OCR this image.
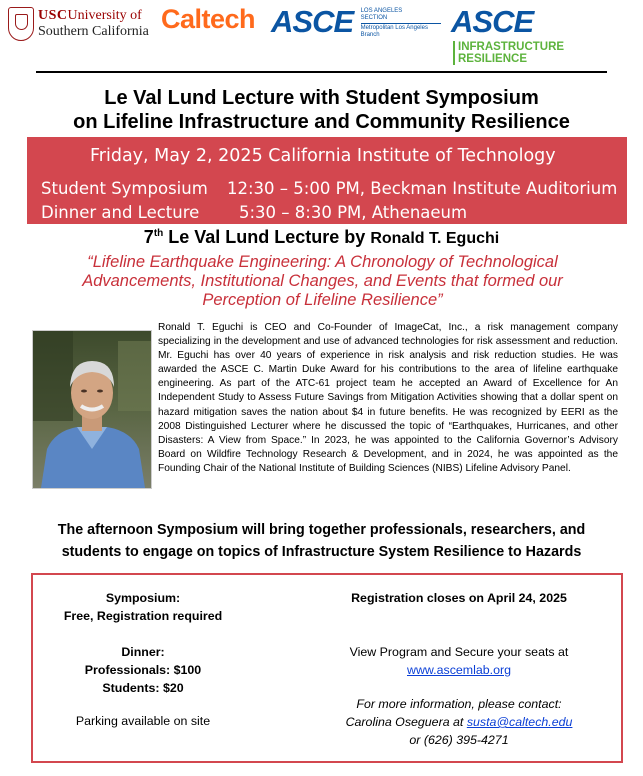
USCUniversity of
Southern California Caltech ASCE LOS ANGELES
SECTION
Metropolitan Los Angeles
Branch	ASCE
INFRASTRUCTURE
RESILIENCE
Le Val Lund Lecture with Student Symposium
on Lifeline Infrastructure and Community Resilience
Friday, May 2, 2025 California Institute of Technology
Student Symposium 12:30 – 5:00 PM, Beckman Institute Auditorium
Dinner and Lecture 5:30 – 8:30 PM, Athenaeum
7th Le Val Lund Lecture by Ronald T. Eguchi
“Lifeline Earthquake Engineering: A Chronology of Technological Advancements, Institutional Changes, and Events that formed our Perception of Lifeline Resilience”
Ronald T. Eguchi is CEO and Co-Founder of ImageCat, Inc., a risk management company specializing in the development and use of advanced technologies for risk assessment and reduction. Mr. Eguchi has over 40 years of experience in risk analysis and risk reduction studies. He was awarded the ASCE C. Martin Duke Award for his contributions to the area of lifeline earthquake engineering. As part of the ATC-61 project team he accepted an Award of Excellence for An Independent Study to Assess Future Savings from Mitigation Activities showing that a dollar spent on hazard mitigation saves the nation about $4 in future benefits. He was recognized by EERI as the 2008 Distinguished Lecturer where he discussed the topic of “Earthquakes, Hurricanes, and other Disasters: A View from Space.” In 2023, he was appointed to the California Governor’s Advisory Board on Wildfire Technology Research & Development, and in 2024, he was appointed as the Founding Chair of the National Institute of Building Sciences (NIBS) Lifeline Advisory Panel.
The afternoon Symposium will bring together professionals, researchers, and
students to engage on topics of Infrastructure System Resilience to Hazards
Symposium:
Free, Registration required
Dinner:
Professionals: $100
Students: $20
Parking available on site
Registration closes on April 24, 2025
View Program and Secure your seats at
www.ascemlab.org
For more information, please contact:
Carolina Oseguera at susta@caltech.edu
or (626) 395-4271
